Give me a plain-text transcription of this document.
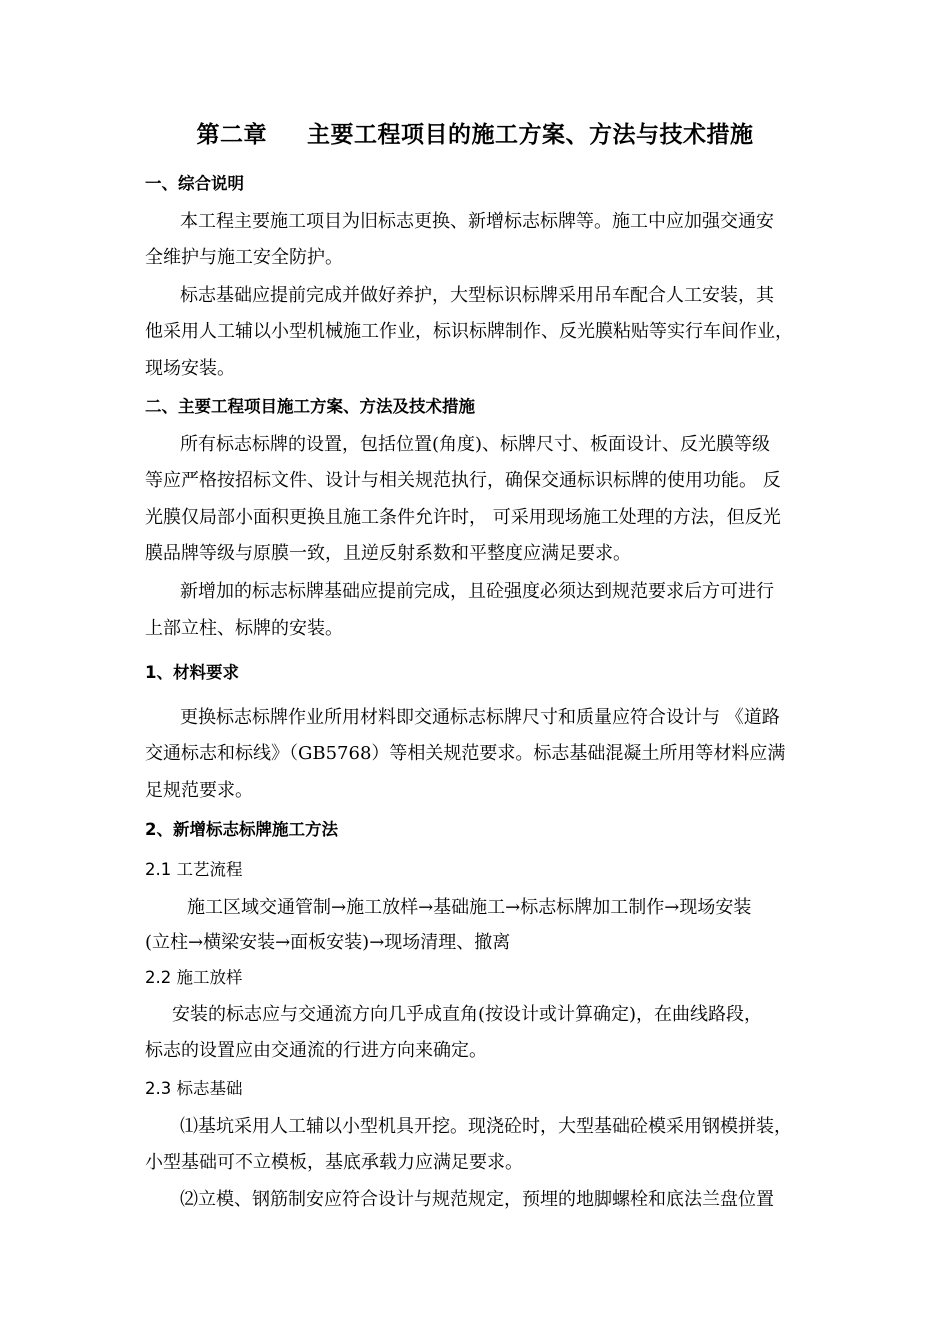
第二章 主要工程项目的施工方案、方法与技术措施
一、综合说明
本工程主要施工项目为旧标志更换、新增标志标牌等。施工中应加强交通安
全维护与施工安全防护。
标志基础应提前完成并做好养护，大型标识标牌采用吊车配合人工安装，其
他采用人工辅以小型机械施工作业，标识标牌制作、反光膜粘贴等实行车间作业，
现场安装。
二、主要工程项目施工方案、方法及技术措施
所有标志标牌的设置，包括位置(角度)、标牌尺寸、板面设计、反光膜等级
等应严格按招标文件、设计与相关规范执行，确保交通标识标牌的使用功能。 反
光膜仅局部小面积更换且施工条件允许时， 可采用现场施工处理的方法，但反光
膜品牌等级与原膜一致，且逆反射系数和平整度应满足要求。
新增加的标志标牌基础应提前完成，且砼强度必须达到规范要求后方可进行
上部立柱、标牌的安装。
1、材料要求
更换标志标牌作业所用材料即交通标志标牌尺寸和质量应符合设计与 《道路
交通标志和标线》（GB5768）等相关规范要求。标志基础混凝土所用等材料应满
足规范要求。
2、新增标志标牌施工方法
2.1 工艺流程
施工区域交通管制→施工放样→基础施工→标志标牌加工制作→现场安装
(立柱→横梁安装→面板安装)→现场清理、撤离
2.2 施工放样
安装的标志应与交通流方向几乎成直角(按设计或计算确定)，在曲线路段，
标志的设置应由交通流的行进方向来确定。
2.3 标志基础
⑴基坑采用人工辅以小型机具开挖。现浇砼时，大型基础砼模采用钢模拼装，
小型基础可不立模板，基底承载力应满足要求。
⑵立模、钢筋制安应符合设计与规范规定，预埋的地脚螺栓和底法兰盘位置
